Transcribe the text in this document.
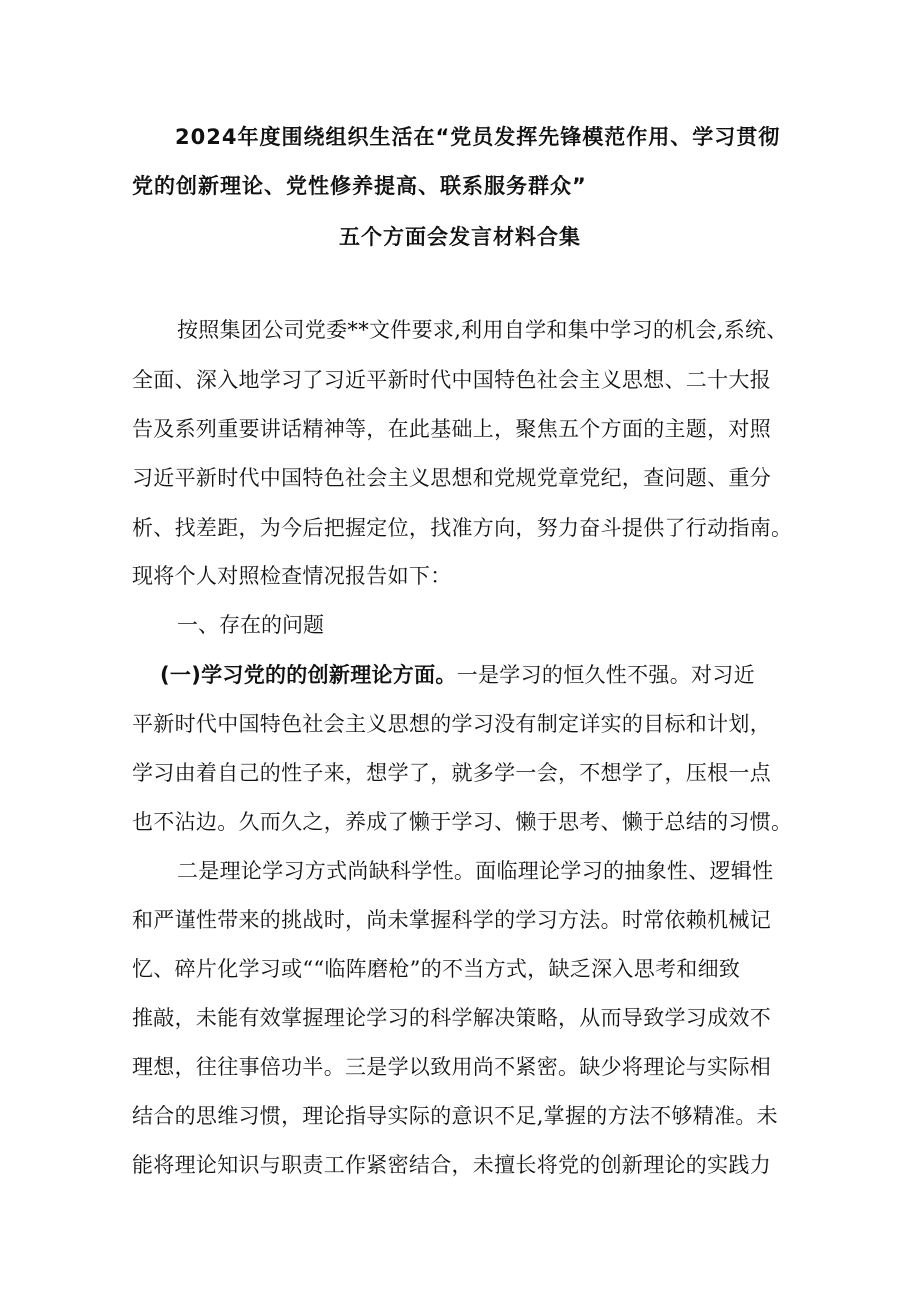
2024年度围绕组织生活在“党员发挥先锋模范作用、学习贯彻
党的创新理论、党性修养提高、联系服务群众”
五个方面会发言材料合集
按照集团公司党委**文件要求,利用自学和集中学习的机会,系统、
全面、深入地学习了习近平新时代中国特色社会主义思想、二十大报
告及系列重要讲话精神等，在此基础上，聚焦五个方面的主题，对照
习近平新时代中国特色社会主义思想和党规党章党纪，查问题、重分
析、找差距，为今后把握定位，找准方向，努力奋斗提供了行动指南。
现将个人对照检查情况报告如下：
一、存在的问题
(一)学习党的的创新理论方面。一是学习的恒久性不强。对习近
平新时代中国特色社会主义思想的学习没有制定详实的目标和计划，
学习由着自己的性子来，想学了，就多学一会，不想学了，压根一点
也不沾边。久而久之，养成了懒于学习、懒于思考、懒于总结的习惯。
二是理论学习方式尚缺科学性。面临理论学习的抽象性、逻辑性
和严谨性带来的挑战时，尚未掌握科学的学习方法。时常依赖机械记
忆、碎片化学习或““临阵磨枪”的不当方式，缺乏深入思考和细致
推敲，未能有效掌握理论学习的科学解决策略，从而导致学习成效不
理想，往往事倍功半。三是学以致用尚不紧密。缺少将理论与实际相
结合的思维习惯，理论指导实际的意识不足,掌握的方法不够精准。未
能将理论知识与职责工作紧密结合，未擅长将党的创新理论的实践力
